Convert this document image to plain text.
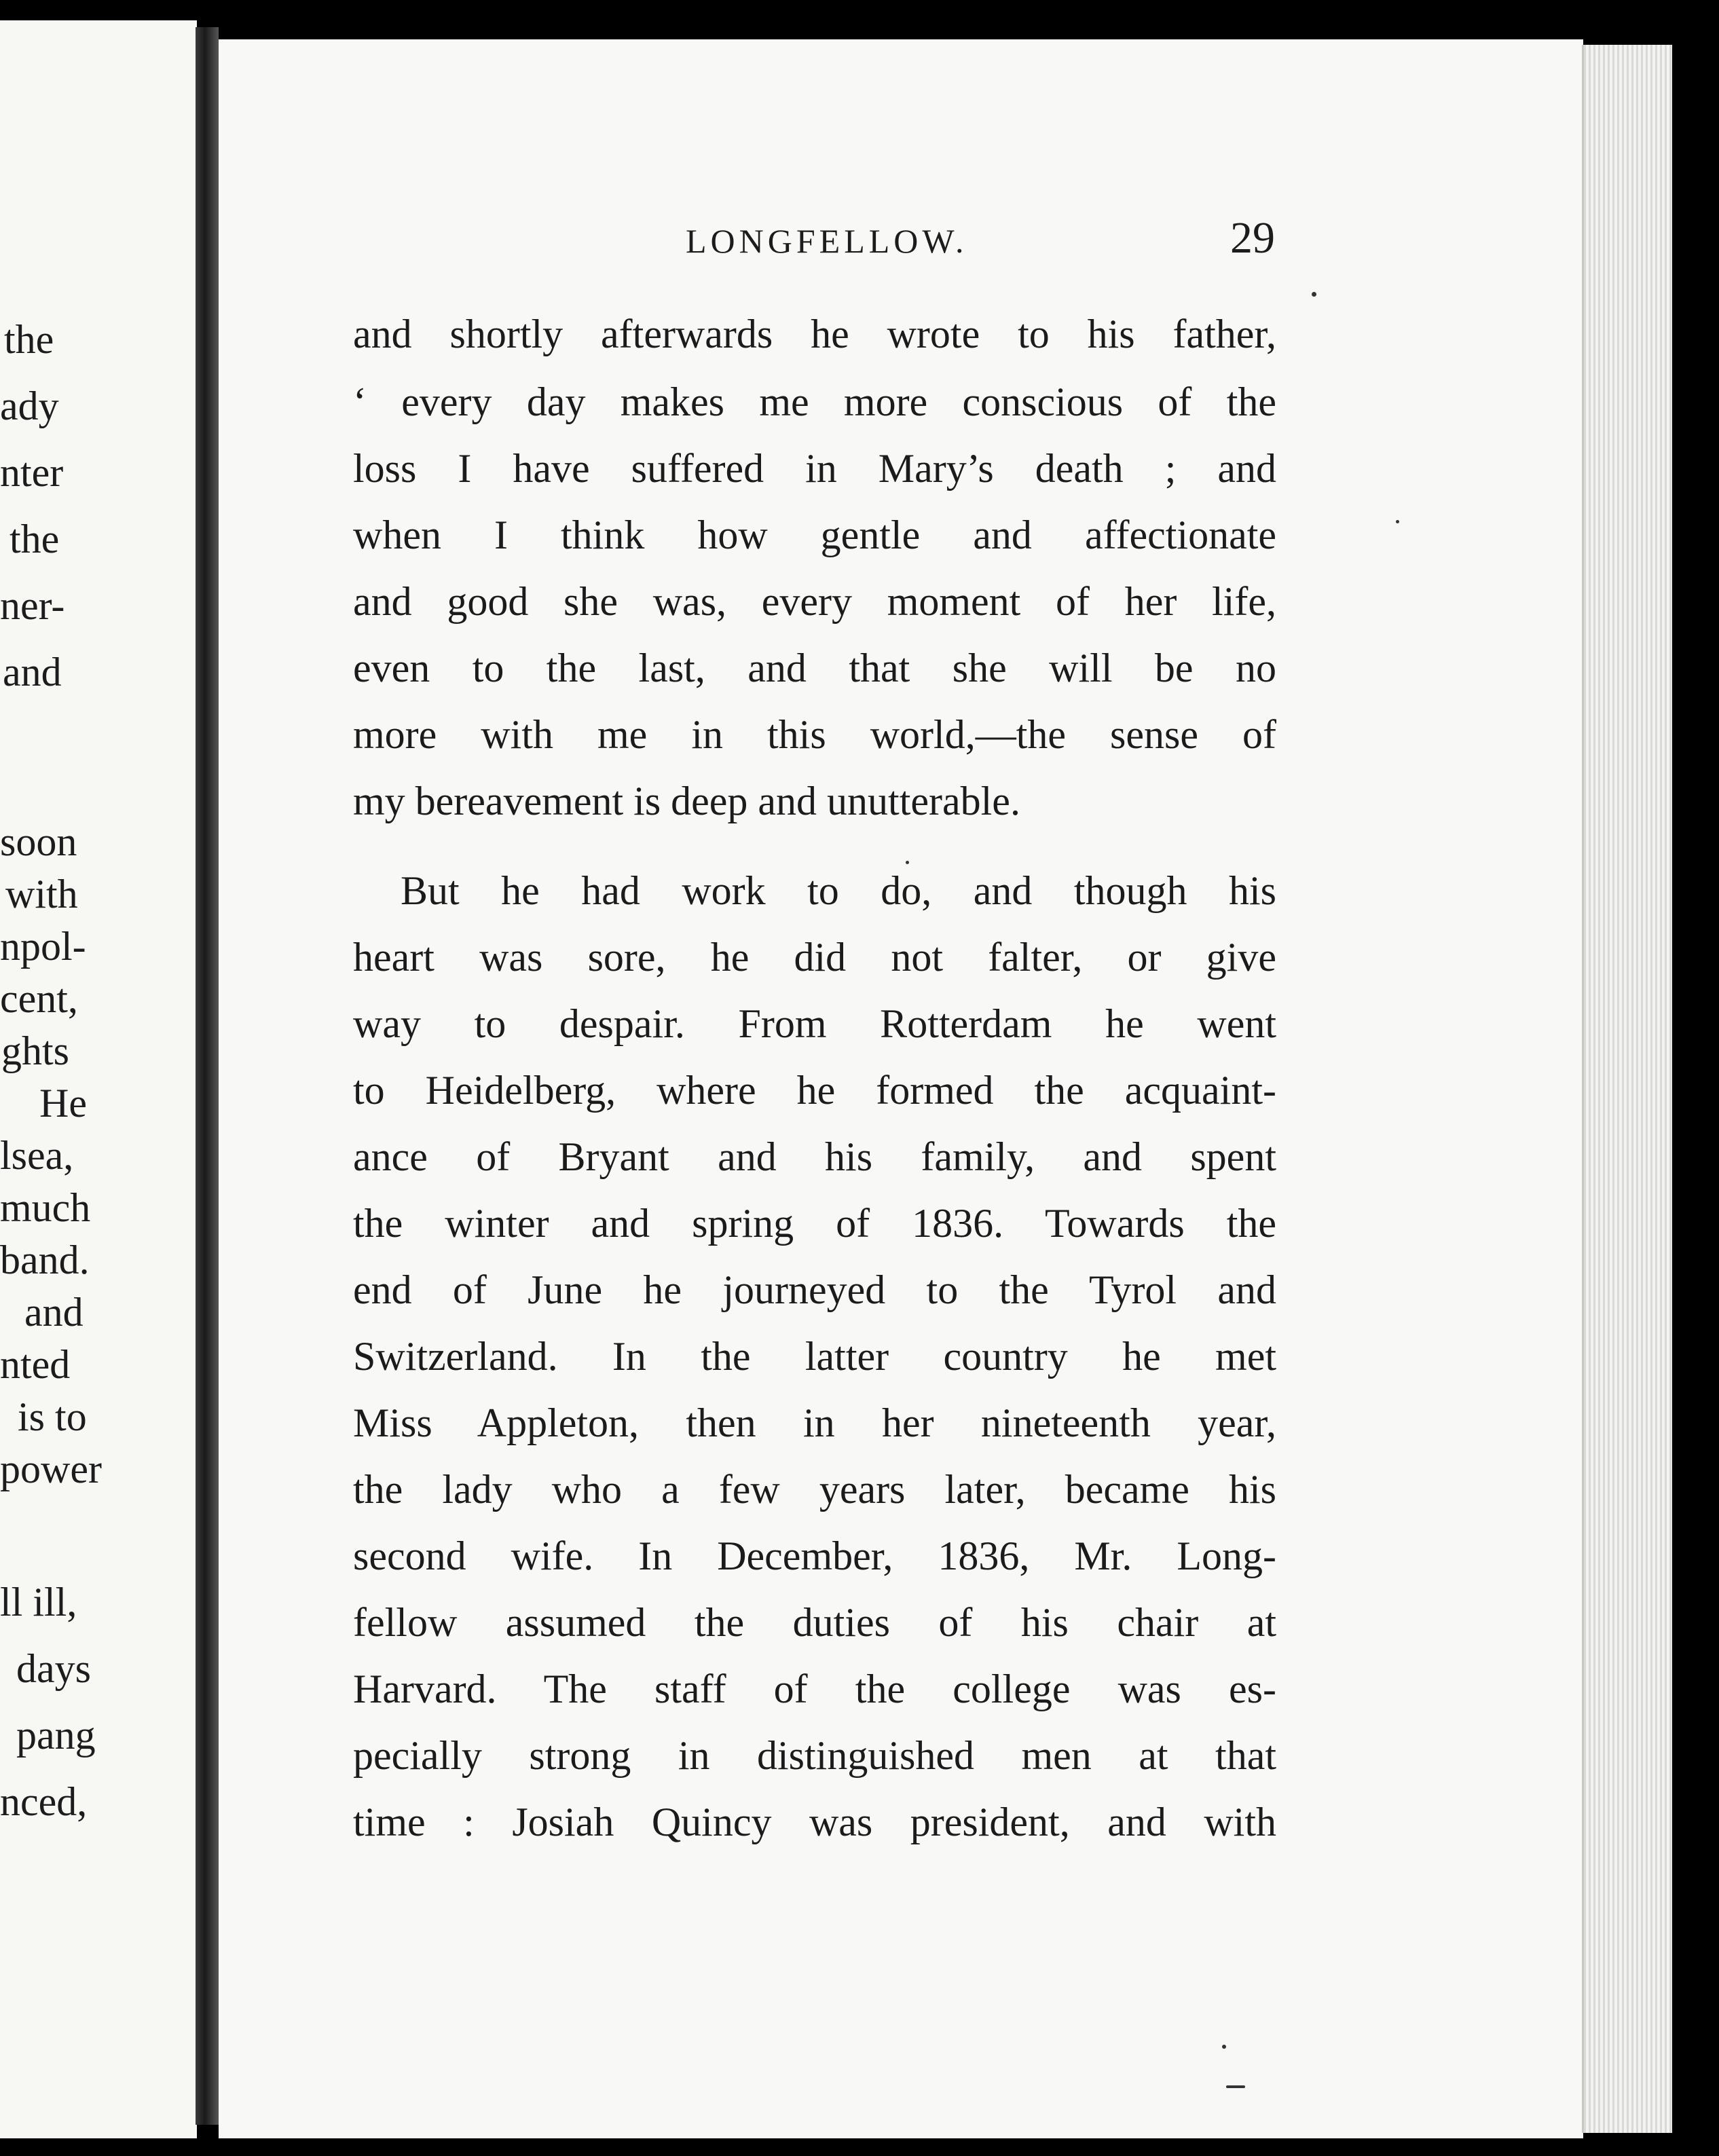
the
ady
nter
the
ner-
and
soon
with
npol-
cent,
ghts
He
lsea,
much
band.
and
nted
is to
power
ll ill,
days
pang
nced,
LONGFELLOW.	29
and shortly afterwards he wrote to his father,
‘ every day makes me more conscious of the
loss I have suffered in Mary’s death ; and
when I think how gentle and affectionate
and good she was, every moment of her life,
even to the last, and that she will be no
more with me in this world,—the sense of
my bereavement is deep and unutterable.
But he had work to do, and though his
heart was sore, he did not falter, or give
way to despair. From Rotterdam he went
to Heidelberg, where he formed the acquaint-
ance of Bryant and his family, and spent
the winter and spring of 1836. Towards the
end of June he journeyed to the Tyrol and
Switzerland. In the latter country he met
Miss Appleton, then in her nineteenth year,
the lady who a few years later, became his
second wife. In December, 1836, Mr. Long-
fellow assumed the duties of his chair at
Harvard. The staff of the college was es-
pecially strong in distinguished men at that
time : Josiah Quincy was president, and with
